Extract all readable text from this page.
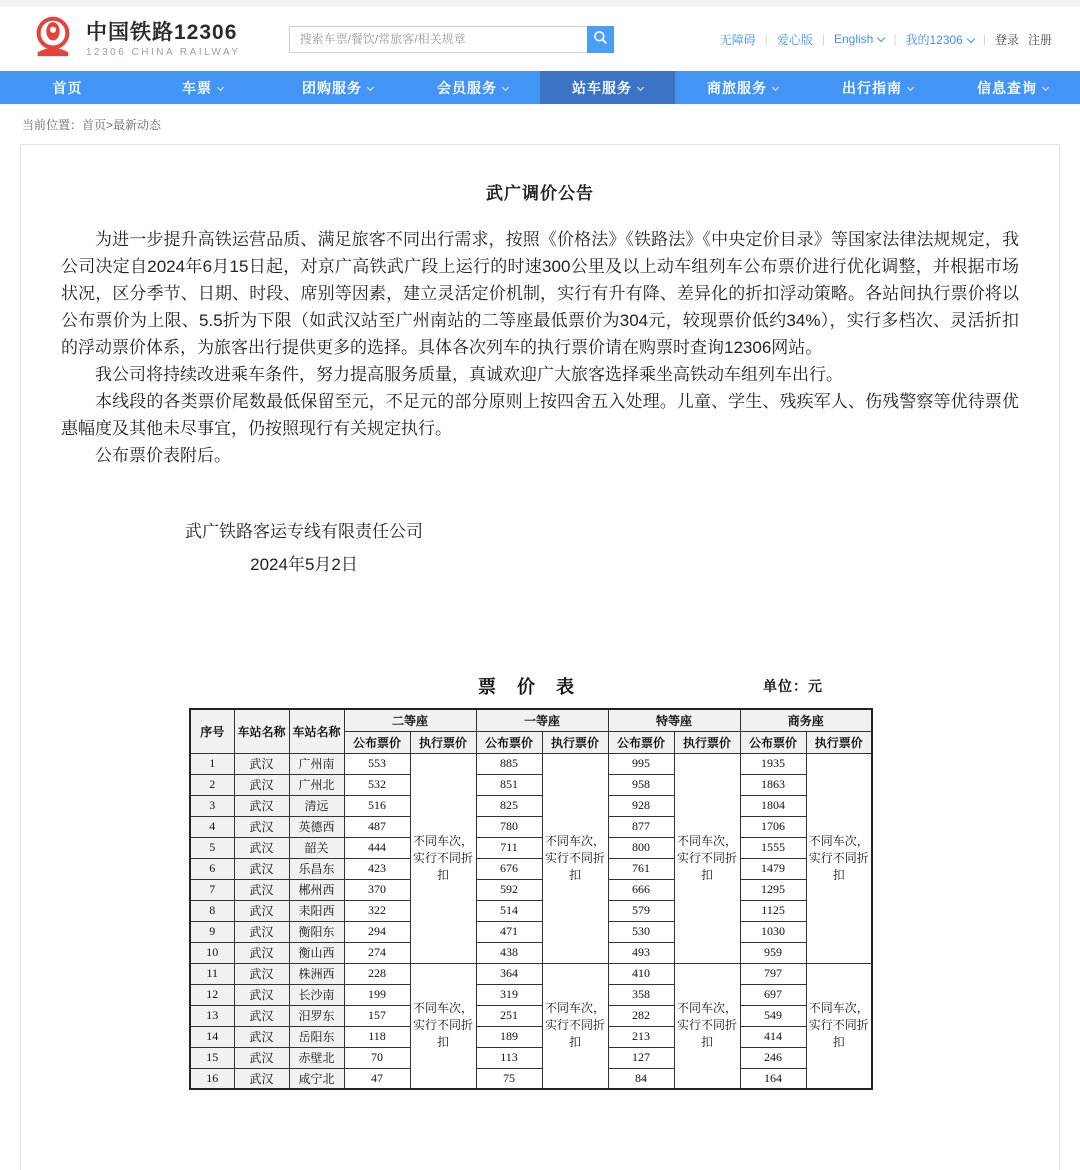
中国铁路12306
12306 CHINA RAILWAY
搜索车票/餐饮/常旅客/相关规章
无障碍 | 爱心版 | English	| 我的12306	| 登录 注册
首页	车票	团购服务	会员服务	站车服务	商旅服务	出行指南	信息查询
当前位置：首页>最新动态
武广调价公告

为进一步提升高铁运营品质、满足旅客不同出行需求，按照《价格法》《铁路法》《中央定价目录》等国家法律法规规定，我公司决定自2024年6月15日起，对京广高铁武广段上运行的时速300公里及以上动车组列车公布票价进行优化调整，并根据市场状况，区分季节、日期、时段、席别等因素，建立灵活定价机制，实行有升有降、差异化的折扣浮动策略。各站间执行票价将以公布票价为上限、5.5折为下限（如武汉站至广州南站的二等座最低票价为304元，较现票价低约34%），实行多档次、灵活折扣的浮动票价体系，为旅客出行提供更多的选择。具体各次列车的执行票价请在购票时查询12306网站。

我公司将持续改进乘车条件，努力提高服务质量，真诚欢迎广大旅客选择乘坐高铁动车组列车出行。

本线段的各类票价尾数最低保留至元，不足元的部分原则上按四舍五入处理。儿童、学生、残疾军人、伤残警察等优待票优惠幅度及其他未尽事宜，仍按照现行有关规定执行。

公布票价表附后。

武广铁路客运专线有限责任公司
2024年5月2日
票 价 表	单位：元
序号	车站名称	车站名称	二等座		一等座		特等座		商务座	
			公布票价	执行票价	公布票价	执行票价	公布票价	执行票价	公布票价	执行票价
1	武汉	广州南	553	不同车次，实行不同折扣	885	不同车次，实行不同折扣	995	不同车次，实行不同折扣	1935	不同车次，实行不同折扣
2	武汉	广州北	532		851		958		1863	
3	武汉	清远	516		825		928		1804	
4	武汉	英德西	487		780		877		1706	
5	武汉	韶关	444		711		800		1555	
6	武汉	乐昌东	423		676		761		1479	
7	武汉	郴州西	370		592		666		1295	
8	武汉	耒阳西	322		514		579		1125	
9	武汉	衡阳东	294		471		530		1030	
10	武汉	衡山西	274		438		493		959	
11	武汉	株洲西	228	不同车次，实行不同折扣	364	不同车次，实行不同折扣	410	不同车次，实行不同折扣	797	不同车次，实行不同折扣
12	武汉	长沙南	199		319		358		697	
13	武汉	汨罗东	157		251		282		549	
14	武汉	岳阳东	118		189		213		414	
15	武汉	赤壁北	70		113		127		246	
16	武汉	咸宁北	47		75		84		164	
